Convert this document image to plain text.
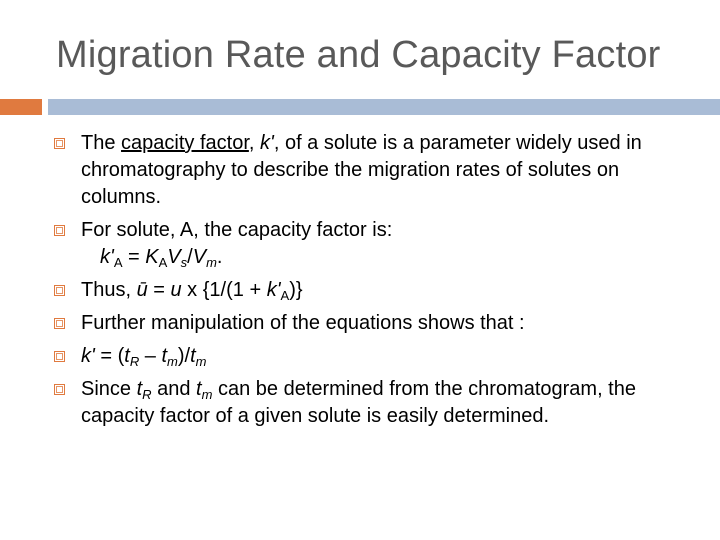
Migration Rate and Capacity Factor
The capacity factor, k', of a solute is a parameter widely used in chromatography to describe the migration rates of solutes on columns.
For solute, A, the capacity factor is:
$k'_A = K_AV_s/V_m$.
Thus, ū = u x $\{1/(1 + k'_A)\}$
Further manipulation of the equations shows that :
$k' = (t_R - t_m)/t_m$
Since $t_R$ and $t_m$ can be determined from the chromatogram, the capacity factor of a given solute is easily determined.
